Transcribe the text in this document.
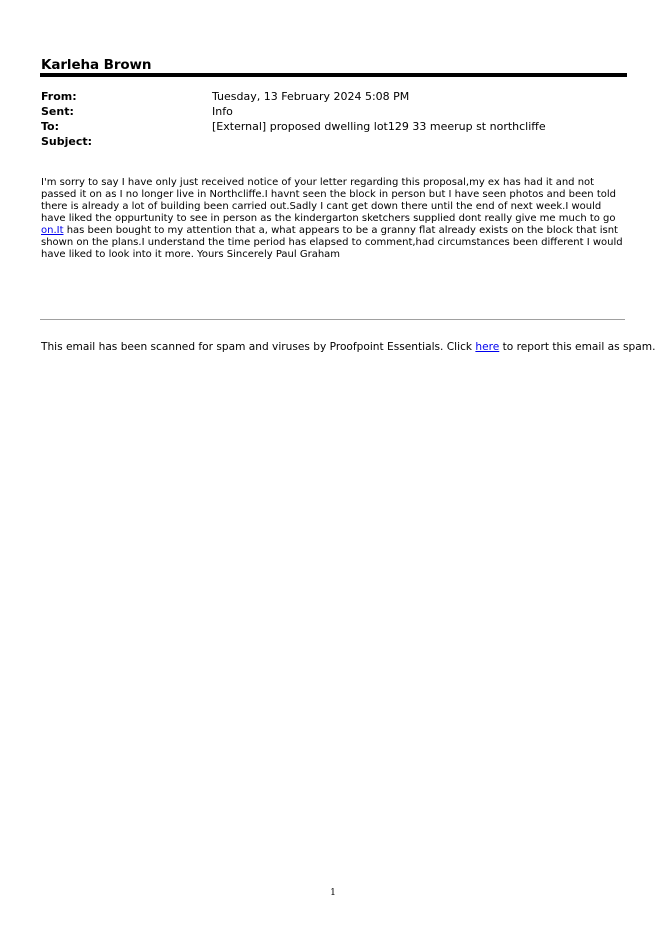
Karleha Brown
From:	Tuesday, 13 February 2024 5:08 PM
Sent:	Info
To:	[External] proposed dwelling lot129 33 meerup st northcliffe
Subject:
I'm sorry to say I have only just received notice of your letter regarding this proposal,my ex has had it and not passed it on as I no longer live in Northcliffe.I havnt seen the block in person but I have seen photos and been told there is already a lot of building been carried out.Sadly I cant get down there until the end of next week.I would have liked the oppurtunity to see in person as the kindergarton sketchers supplied dont really give me much to go on.It has been bought to my attention that a, what appears to be a granny flat already exists on the block that isnt shown on the plans.I understand the time period has elapsed to comment,had circumstances been different I would have liked to look into it more. Yours Sincerely Paul Graham
This email has been scanned for spam and viruses by Proofpoint Essentials. Click here to report this email as spam.
1
